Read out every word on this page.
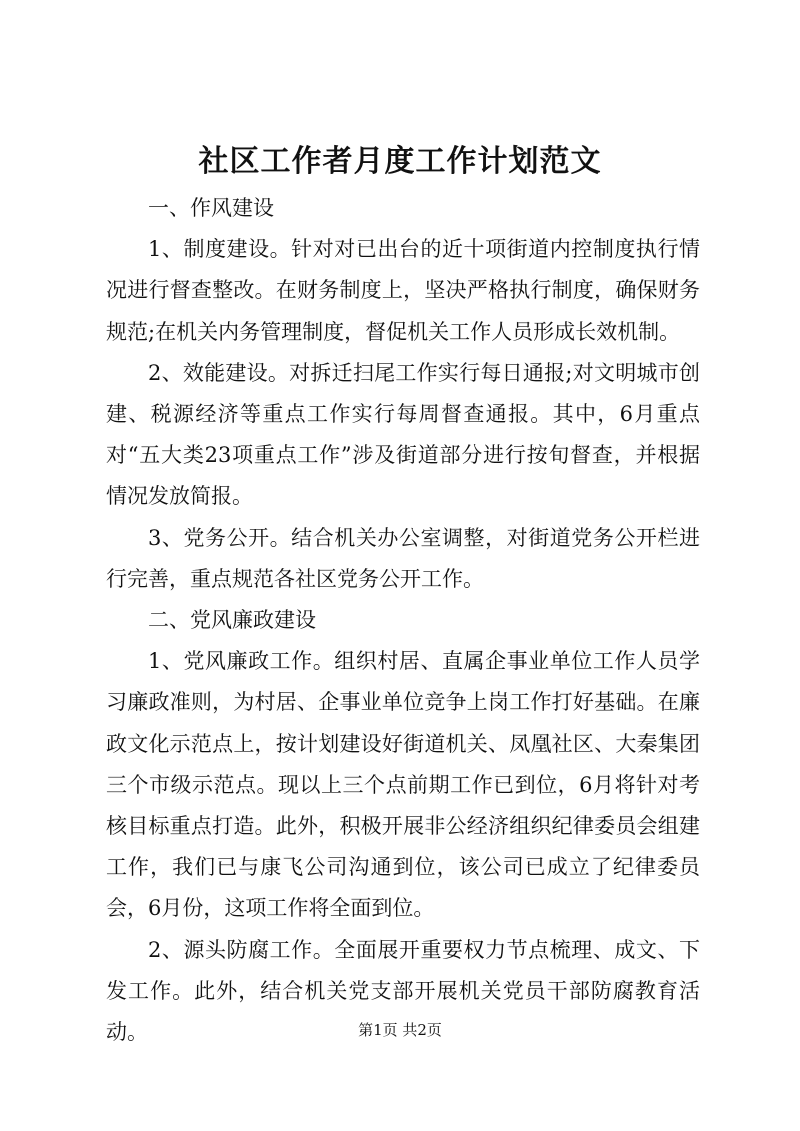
社区工作者月度工作计划范文

一、作风建设

1、制度建设。针对对已出台的近十项街道内控制度执行情况进行督查整改。在财务制度上，坚决严格执行制度，确保财务规范;在机关内务管理制度，督促机关工作人员形成长效机制。

2、效能建设。对拆迁扫尾工作实行每日通报;对文明城市创建、税源经济等重点工作实行每周督查通报。其中，6月重点对“五大类23项重点工作”涉及街道部分进行按旬督查，并根据情况发放简报。

3、党务公开。结合机关办公室调整，对街道党务公开栏进行完善，重点规范各社区党务公开工作。

二、党风廉政建设

1、党风廉政工作。组织村居、直属企事业单位工作人员学习廉政准则，为村居、企事业单位竞争上岗工作打好基础。在廉政文化示范点上，按计划建设好街道机关、凤凰社区、大秦集团三个市级示范点。现以上三个点前期工作已到位，6月将针对考核目标重点打造。此外，积极开展非公经济组织纪律委员会组建工作，我们已与康飞公司沟通到位，该公司已成立了纪律委员会，6月份，这项工作将全面到位。

2、源头防腐工作。全面展开重要权力节点梳理、成文、下发工作。此外，结合机关党支部开展机关党员干部防腐教育活动。	第1页 共2页
